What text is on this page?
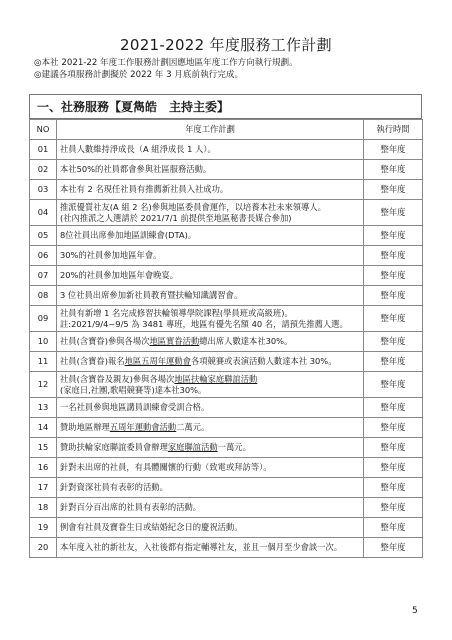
2021-2022 年度服務工作計劃
◎本社 2021-22 年度工作服務計劃因應地區年度工作方向執行規劃。
◎建議各項服務計劃擬於 2022 年 3 月底前執行完成。
一、社務服務【夏雋皓　主持主委】
NO	年度工作計劃	執行時間
01	社員人數維持淨成長（A 組淨成長 1 人）。	整年度
02	本社50%的社員都會參與社區服務活動。	整年度
03	本社有 2 名現任社員有推薦新社員入社成功。	整年度
04	推派優質社友(A 組 2 名)參與地區委員會運作，以培養本社未來領導人。
(社內推派之人選請於 2021/7/1 前提供至地區秘書長媒合參加)	整年度
05	8位社員出席參加地區訓練會(DTA)。	整年度
06	30%的社員參加地區年會。	整年度
07	20%的社員參加地區年會晚宴。	整年度
08	3 位社員出席參加新社員教育暨扶輪知識講習會。	整年度
09	社員有新增 1 名完成修習扶輪領導學院課程(學員班或高級班)。
註:2021/9/4~9/5 為 3481 專班，地區有優先名額 40 名，請預先推薦人選。	整年度
10	社員(含寶眷)參與各場次地區實眷活動總出席人數達本社30%。	整年度
11	社員(含寶眷)報名地區五周年運動會各項競賽或表演活動人數達本社 30%。	整年度
12	社員(含寶眷及親友)參與各場次地區扶輪家庭聯誼活動
(家庭日,社團,歌唱競賽等)達本社30%。	整年度
13	一名社員參與地區講員訓練會受訓合格。	整年度
14	贊助地區辦理五周年運動會活動二萬元。	整年度
15	贊助扶輪家庭聯誼委員會辦理家庭聯誼活動一萬元。	整年度
16	針對未出席的社員，有具體關懷的行動（致電或拜訪等）。	整年度
17	針對資深社員有表彰的活動。	整年度
18	針對百分百出席的社員有表彰的活動。	整年度
19	例會有社員及寶眷生日或結婚紀念日的慶祝活動。	整年度
20	本年度入社的新社友，入社後都有指定輔導社友，並且一個月至少會談一次。	整年度
5
